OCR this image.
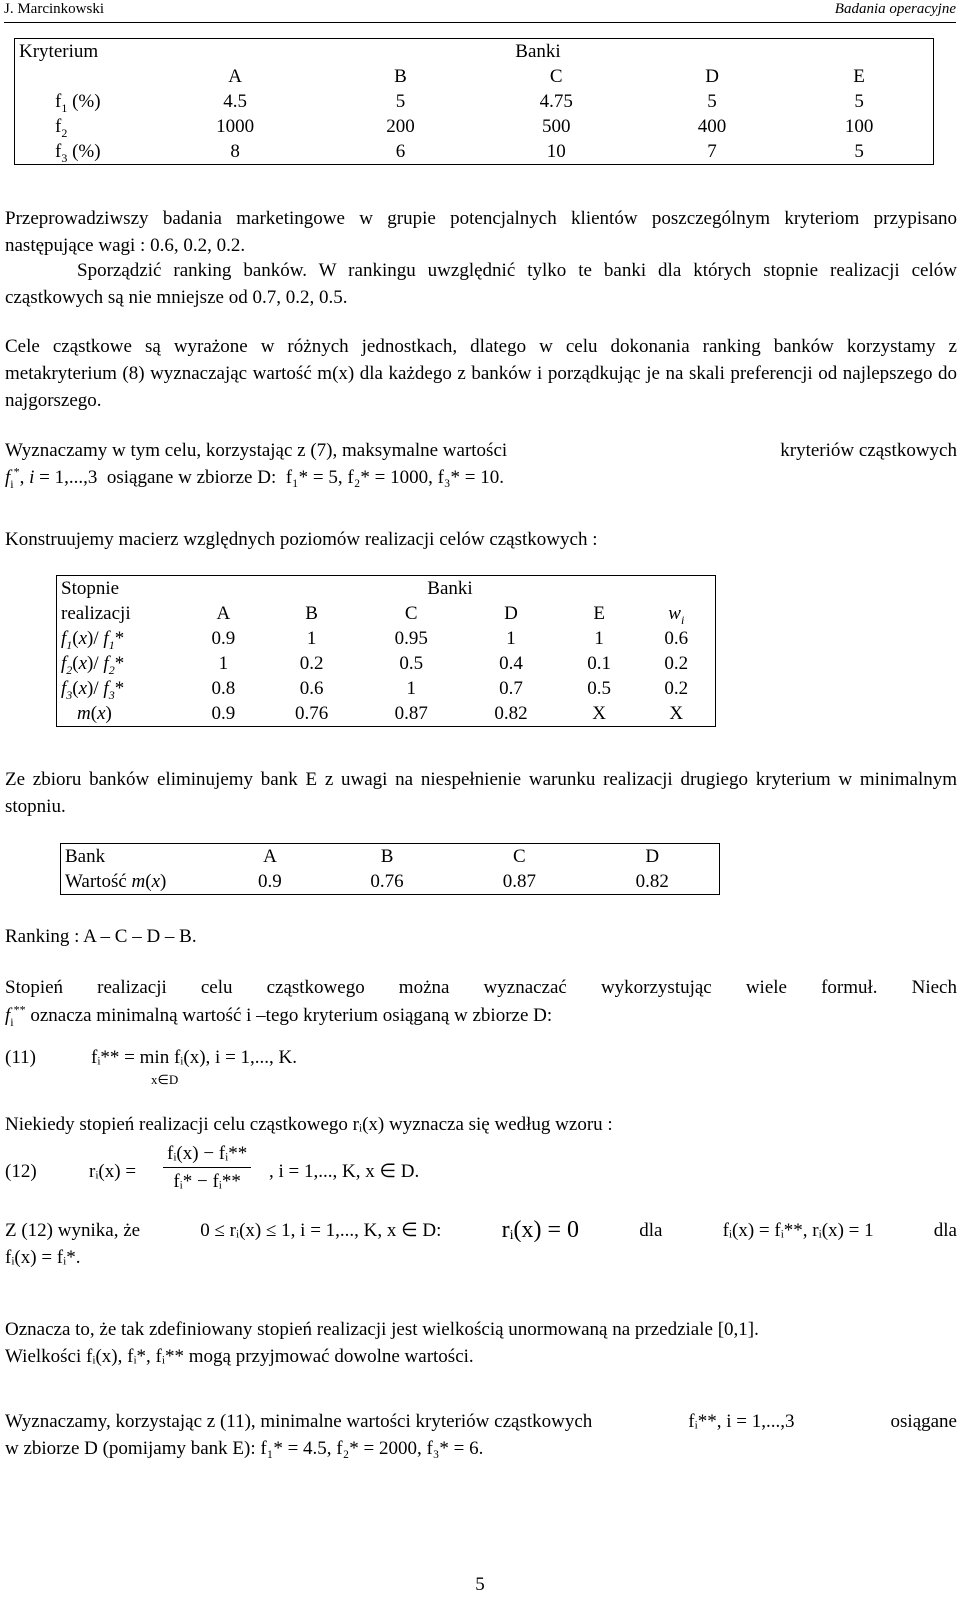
J. Marcinkowski	Badania operacyjne
Kryterium	Banki				
	A	B	C	D	E
$f_1$ (%)	4.5	5	4.75	5	5
$f_2$	1000	200	500	400	100
$f_3$ (%)	8	6	10	7	5
Przeprowadziwszy badania marketingowe w grupie potencjalnych klientów poszczególnym kryteriom przypisano następujące wagi : 0.6, 0.2, 0.2.
Sporządzić ranking banków. W rankingu uwzględnić tylko te banki dla których stopnie realizacji celów cząstkowych są nie mniejsze od 0.7, 0.2, 0.5.
Cele cząstkowe są wyrażone w różnych jednostkach, dlatego w celu dokonania ranking banków korzystamy z metakryterium (8) wyznaczając wartość m(x) dla każdego z banków i porządkując je na skali preferencji od najlepszego do najgorszego.
Wyznaczamy w tym celu, korzystając z (7), maksymalne wartości	kryteriów cząstkowych
$f_i^*$, i = 1,...,3  osiągane w zbiorze D: f₁* = 5, f₂* = 1000, f₃* = 10.
Konstruujemy macierz względnych poziomów realizacji celów cząstkowych :
Stopnie	Banki					
realizacji	A	B	C	D	E	$w_i$
$f_1(x)/$ $f_1*$	0.9	1	0.95	1	1	0.6
$f_2(x)/$ $f_2*$	1	0.2	0.5	0.4	0.1	0.2
$f_3(x)/$ $f_3*$	0.8	0.6	1	0.7	0.5	0.2
m(x)	0.9	0.76	0.87	0.82	X	X
Ze zbioru banków eliminujemy bank E z uwagi na niespełnienie warunku realizacji drugiego kryterium w minimalnym stopniu.
Bank	A	B	C	D
Wartość m(x)	0.9	0.76	0.87	0.82
Ranking : A – C – D – B.
Stopień realizacji celu cząstkowego można wyznaczać wykorzystując wiele formuł. Niech
$f_i^{**}$ oznacza minimalną wartość i –tego kryterium osiąganą w zbiorze D:
(11)	fᵢ** = min fᵢ(x), i = 1,..., K.
x∈D
Niekiedy stopień realizacji celu cząstkowego rᵢ(x) wyznacza się według wzoru :
(12)	rᵢ(x) = $\frac{\text{fᵢ(x) − fᵢ**}}{\text{fᵢ* − fᵢ**}}$ , i = 1,..., K, x ∈ D.
Z (12) wynika, że	0 ≤ rᵢ(x) ≤ 1, i = 1,..., K, x ∈ D:	rᵢ(x) = 0	dla	fᵢ(x) = fᵢ**, rᵢ(x) = 1	dla
fᵢ(x) = fᵢ*.
Oznacza to, że tak zdefiniowany stopień realizacji jest wielkością unormowaną na przedziale [0,1].
Wielkości fᵢ(x), fᵢ*, fᵢ** mogą przyjmować dowolne wartości.
Wyznaczamy, korzystając z (11), minimalne wartości kryteriów cząstkowych	fᵢ**, i = 1,...,3	osiągane
w zbiorze D (pomijamy bank E): f₁* = 4.5, f₂* = 2000, f₃* = 6.
5
